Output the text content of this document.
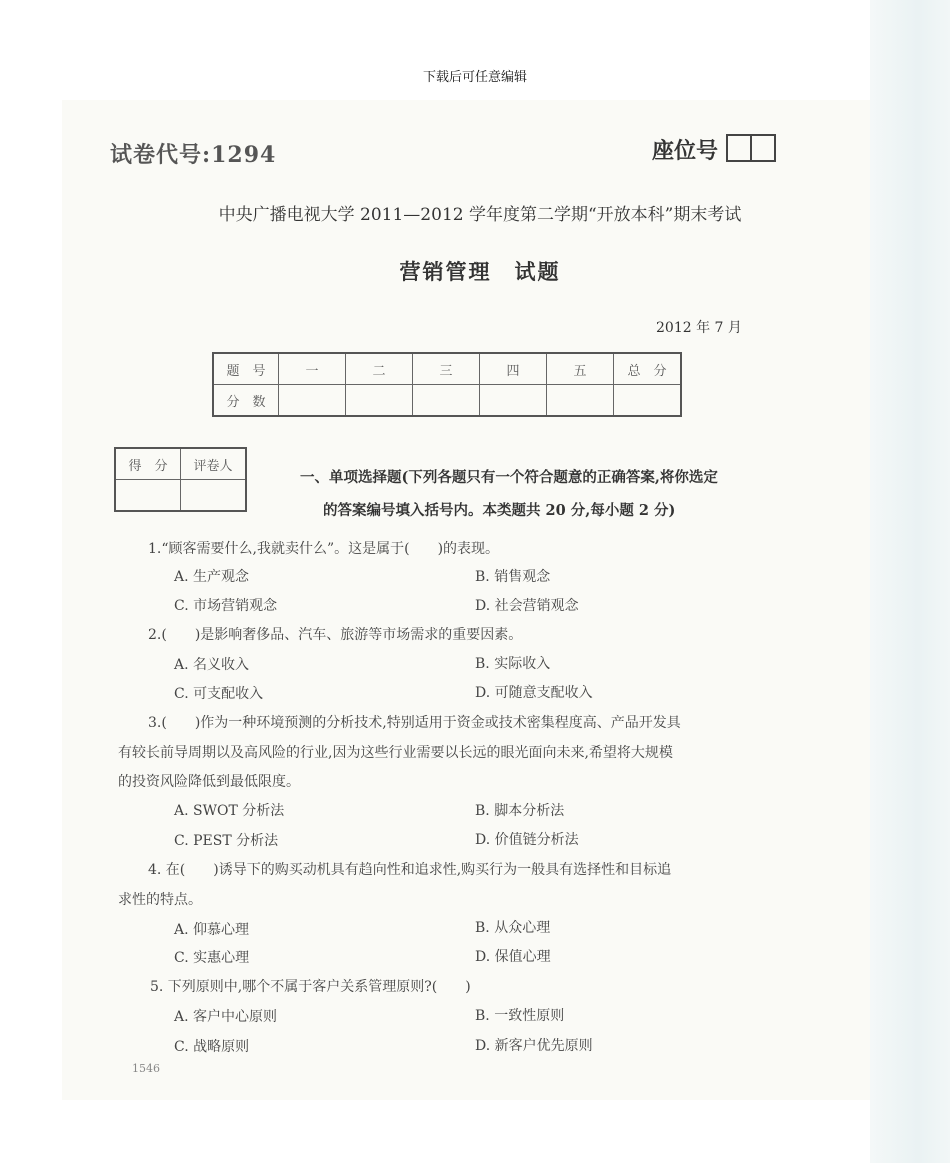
下载后可任意编辑
试卷代号:1294	座位号
中央广播电视大学 2011—2012 学年度第二学期“开放本科”期末考试
营销管理　试题
2012 年 7 月
题　号	一	二	三	四	五	总　分
分　数						
得　分	评卷人

一、单项选择题(下列各题只有一个符合题意的正确答案,将你选定
的答案编号填入括号内。本类题共 20 分,每小题 2 分)
1.“顾客需要什么,我就卖什么”。这是属于(　　)的表现。
A. 生产观念	B. 销售观念
C. 市场营销观念	D. 社会营销观念
2.(　　)是影响奢侈品、汽车、旅游等市场需求的重要因素。
A. 名义收入	B. 实际收入
C. 可支配收入	D. 可随意支配收入
3.(　　)作为一种环境预测的分析技术,特别适用于资金或技术密集程度高、产品开发具
有较长前导周期以及高风险的行业,因为这些行业需要以长远的眼光面向未来,希望将大规模
的投资风险降低到最低限度。
A. SWOT 分析法	B. 脚本分析法
C. PEST 分析法	D. 价值链分析法
4. 在(　　)诱导下的购买动机具有趋向性和追求性,购买行为一般具有选择性和目标追
求性的特点。
A. 仰慕心理	B. 从众心理
C. 实惠心理	D. 保值心理
5. 下列原则中,哪个不属于客户关系管理原则?(　　)
A. 客户中心原则	B. 一致性原则
C. 战略原则	D. 新客户优先原则
1546
